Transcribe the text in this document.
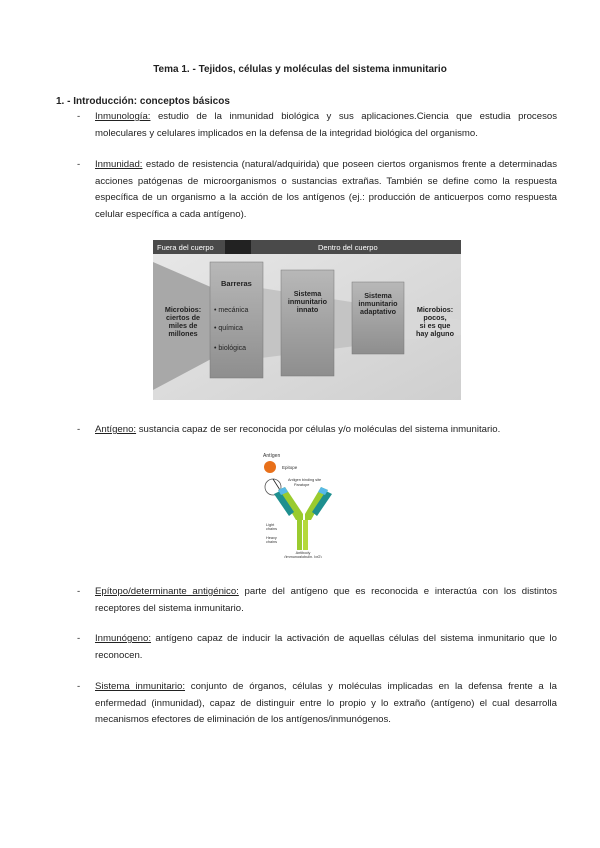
Tema 1. - Tejidos, células y moléculas del sistema inmunitario
1. - Introducción: conceptos básicos
- Inmunología: estudio de la inmunidad biológica y sus aplicaciones.Ciencia que estudia procesos moleculares y celulares implicados en la defensa de la integridad biológica del organismo.
- Inmunidad: estado de resistencia (natural/adquirida) que poseen ciertos organismos frente a determinadas acciones patógenas de microorganismos o sustancias extrañas. También se define como la respuesta específica de un organismo a la acción de los antígenos (ej.: producción de anticuerpos como respuesta celular específica a cada antígeno).
Fuera del cuerpo	Dentro del cuerpo
Microbios:
ciertos de
miles de
millones
Barreras
• mecánica
• química
• biológica
Sistema
inmunitario
innato
Sistema
inmunitario
adaptativo	Microbios:
pocos,
si es que
hay alguno
- Antígeno: sustancia capaz de ser reconocida por células y/o moléculas del sistema inmunitario.
Antígen
Epitope
Antigen binding site
Paratope
Light
chains
Heavy
chains
Antibody
(immunoglobulin, IgG)
- Epítopo/determinante antigénico: parte del antígeno que es reconocida e interactúa con los distintos receptores del sistema inmunitario.
- Inmunógeno: antígeno capaz de inducir la activación de aquellas células del sistema inmunitario que lo reconocen.
- Sistema inmunitario: conjunto de órganos, células y moléculas implicadas en la defensa frente a la enfermedad (inmunidad), capaz de distinguir entre lo propio y lo extraño (antígeno) el cual desarrolla mecanismos efectores de eliminación de los antígenos/inmunógenos.
